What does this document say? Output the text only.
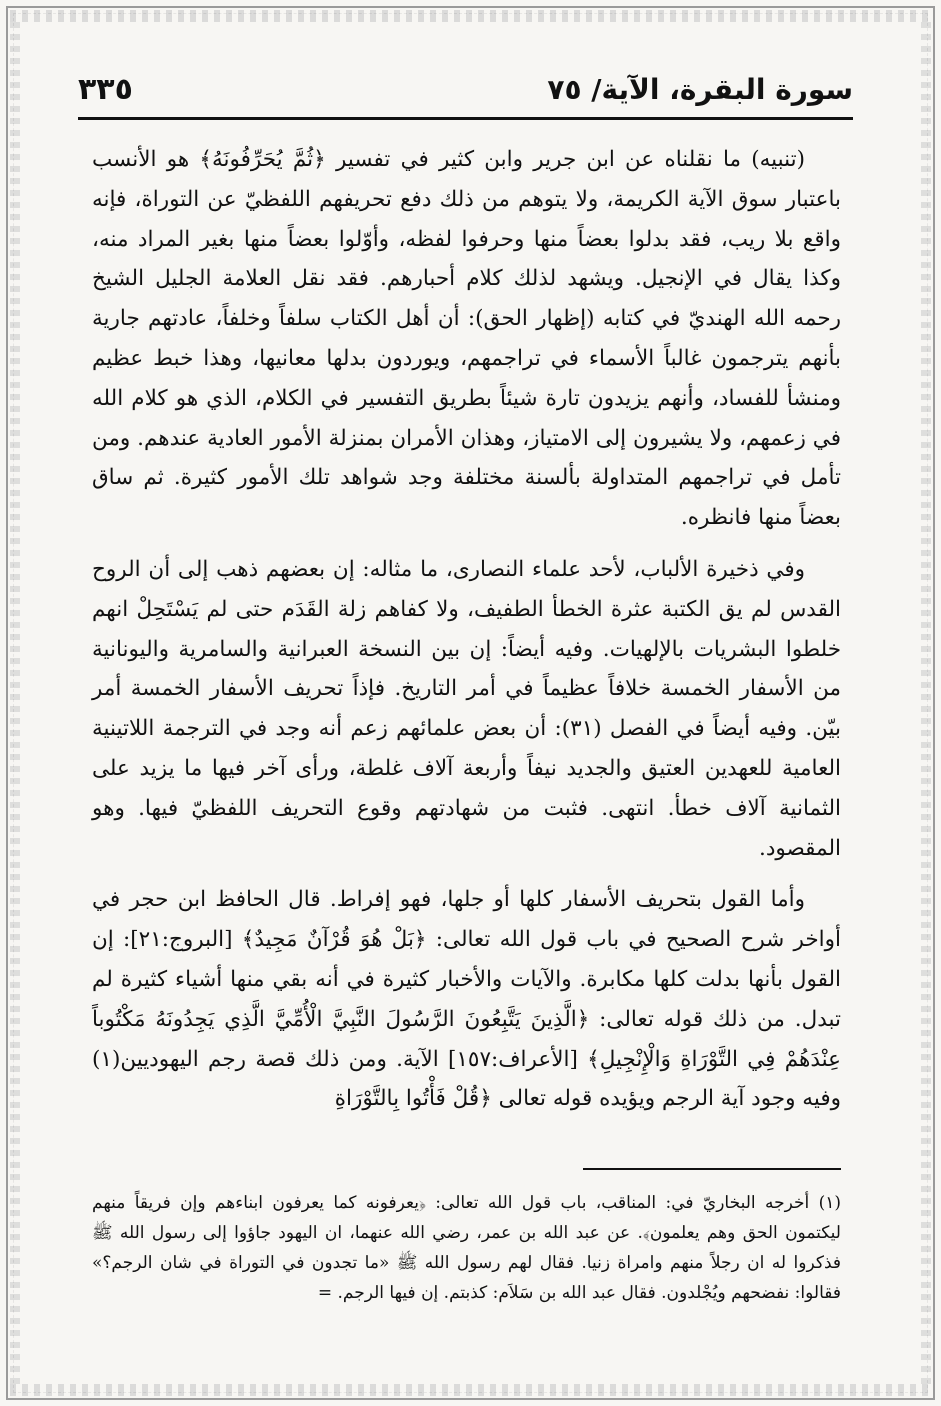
٣٣٥	سورة البقرة، الآية/ ٧٥

(تنبيه) ما نقلناه عن ابن جرير وابن كثير في تفسير ﴿ثُمَّ يُحَرِّفُونَهُ﴾ هو الأنسب باعتبار سوق الآية الكريمة، ولا يتوهم من ذلك دفع تحريفهم اللفظيّ عن التوراة، فإنه واقع بلا ريب، فقد بدلوا بعضاً منها وحرفوا لفظه، وأوّلوا بعضاً منها بغير المراد منه، وكذا يقال في الإنجيل. ويشهد لذلك كلام أحبارهم. فقد نقل العلامة الجليل الشيخ رحمه الله الهنديّ في كتابه (إظهار الحق): أن أهل الكتاب سلفاً وخلفاً، عادتهم جارية بأنهم يترجمون غالباً الأسماء في تراجمهم، ويوردون بدلها معانيها، وهذا خبط عظيم ومنشأ للفساد، وأنهم يزيدون تارة شيئاً بطريق التفسير في الكلام، الذي هو كلام الله في زعمهم، ولا يشيرون إلى الامتياز، وهذان الأمران بمنزلة الأمور العادية عندهم. ومن تأمل في تراجمهم المتداولة بألسنة مختلفة وجد شواهد تلك الأمور كثيرة. ثم ساق بعضاً منها فانظره.

وفي ذخيرة الألباب، لأحد علماء النصارى، ما مثاله: إن بعضهم ذهب إلى أن الروح القدس لم يق الكتبة عثرة الخطأ الطفيف، ولا كفاهم زلة القَدَم حتى لم يَسْتَحِلْ انهم خلطوا البشريات بالإلهيات. وفيه أيضاً: إن بين النسخة العبرانية والسامرية واليونانية من الأسفار الخمسة خلافاً عظيماً في أمر التاريخ. فإذاً تحريف الأسفار الخمسة أمر بيّن. وفيه أيضاً في الفصل (٣١): أن بعض علمائهم زعم أنه وجد في الترجمة اللاتينية العامية للعهدين العتيق والجديد نيفاً وأربعة آلاف غلطة، ورأى آخر فيها ما يزيد على الثمانية آلاف خطأ. انتهى. فثبت من شهادتهم وقوع التحريف اللفظيّ فيها. وهو المقصود.

وأما القول بتحريف الأسفار كلها أو جلها، فهو إفراط. قال الحافظ ابن حجر في أواخر شرح الصحيح في باب قول الله تعالى: ﴿بَلْ هُوَ قُرْآنٌ مَجِيدٌ﴾ [البروج:٢١]: إن القول بأنها بدلت كلها مكابرة. والآيات والأخبار كثيرة في أنه بقي منها أشياء كثيرة لم تبدل. من ذلك قوله تعالى: ﴿الَّذِينَ يَتَّبِعُونَ الرَّسُولَ النَّبِيَّ الْأُمِّيَّ الَّذِي يَجِدُونَهُ مَكْتُوباً عِنْدَهُمْ فِي التَّوْرَاةِ وَالْإِنْجِيلِ﴾ [الأعراف:١٥٧] الآية. ومن ذلك قصة رجم اليهوديين(١) وفيه وجود آية الرجم ويؤيده قوله تعالى ﴿قُلْ فَأْتُوا بِالتَّوْرَاةِ

(١) أخرجه البخاريّ في: المناقب، باب قول الله تعالى: ﴿يعرفونه كما يعرفون ابناءهم وإن فريقاً منهم ليكتمون الحق وهم يعلمون﴾. عن عبد الله بن عمر، رضي الله عنهما، ان اليهود جاؤوا إلى رسول الله ﷺ فذكروا له ان رجلاً منهم وامراة زنيا. فقال لهم رسول الله ﷺ «ما تجدون في التوراة في شان الرجم؟» فقالوا: نفضحهم ويُجْلدون. فقال عبد الله بن سَلاَم: كذبتم. إن فيها الرجم. =
